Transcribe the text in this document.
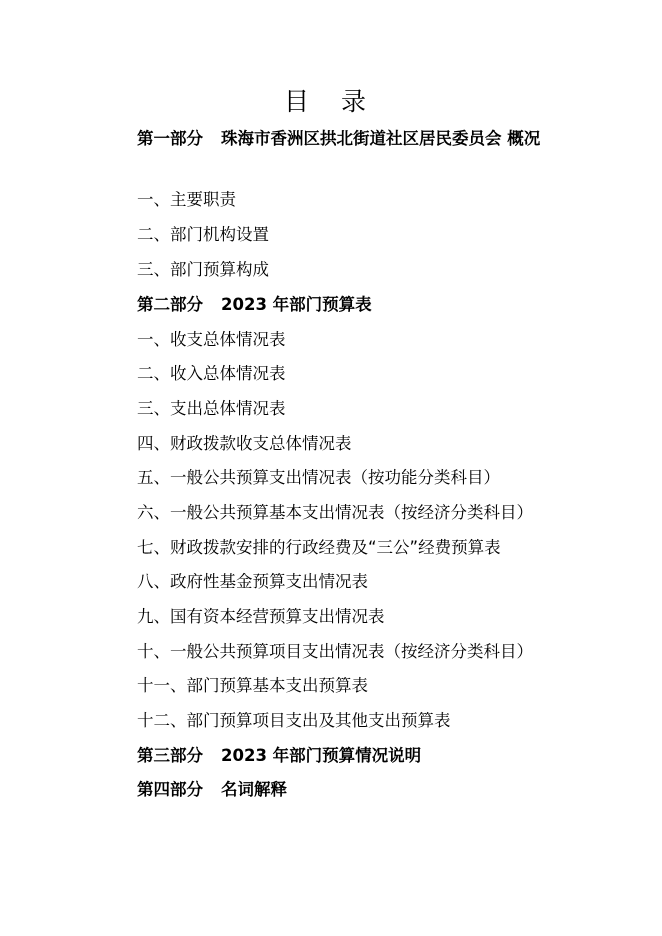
目 录
第一部分 珠海市香洲区拱北街道社区居民委员会 概况
一、主要职责
二、部门机构设置
三、部门预算构成
第二部分 2023 年部门预算表
一、收支总体情况表
二、收入总体情况表
三、支出总体情况表
四、财政拨款收支总体情况表
五、一般公共预算支出情况表（按功能分类科目）
六、一般公共预算基本支出情况表（按经济分类科目）
七、财政拨款安排的行政经费及“三公”经费预算表
八、政府性基金预算支出情况表
九、国有资本经营预算支出情况表
十、一般公共预算项目支出情况表（按经济分类科目）
十一、部门预算基本支出预算表
十二、部门预算项目支出及其他支出预算表
第三部分 2023 年部门预算情况说明
第四部分 名词解释
